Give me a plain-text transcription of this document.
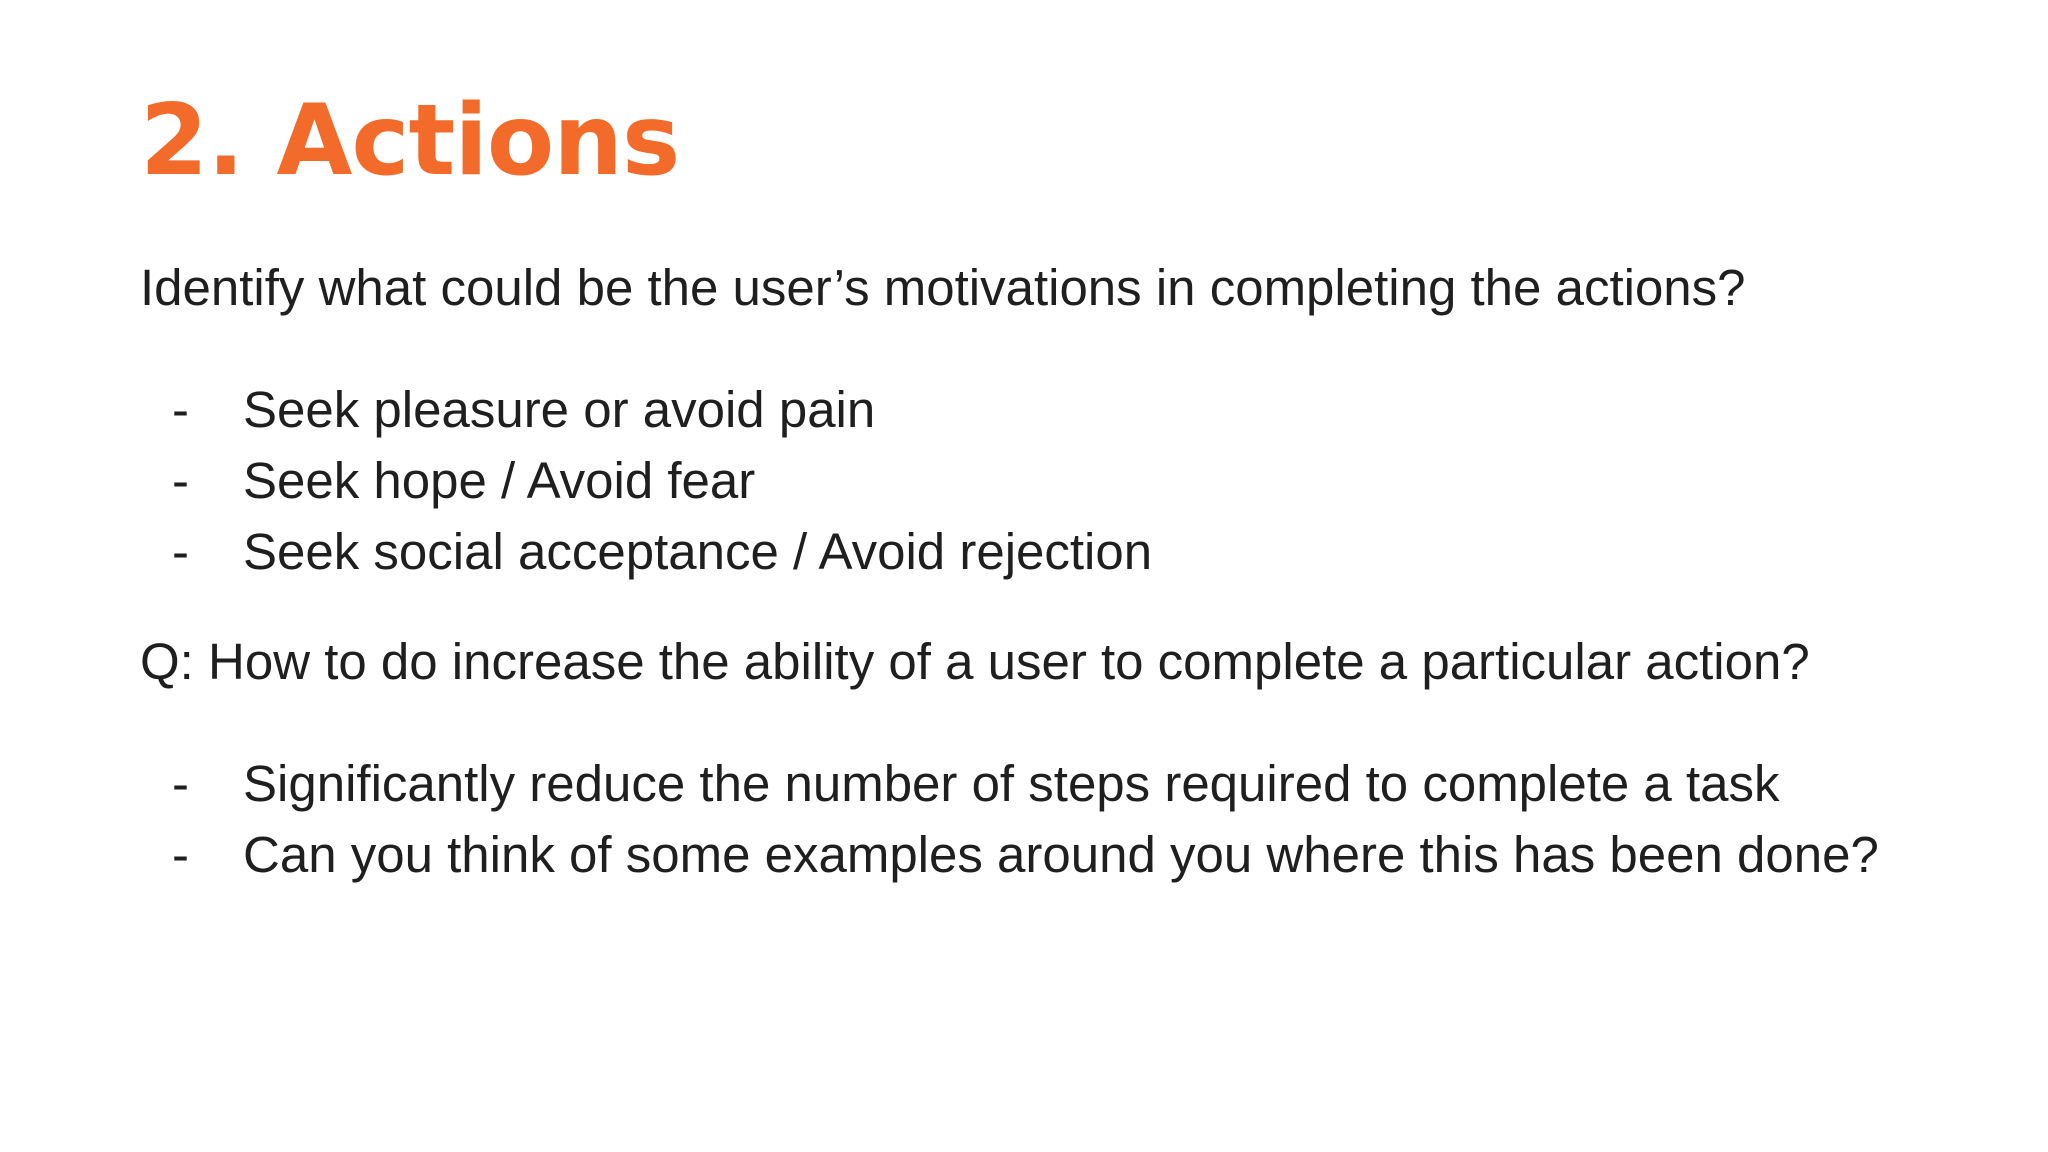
2. Actions

Identify what could be the user’s motivations in completing the actions?

- Seek pleasure or avoid pain
- Seek hope / Avoid fear
- Seek social acceptance / Avoid rejection

Q: How to do increase the ability of a user to complete a particular action?

- Significantly reduce the number of steps required to complete a task
- Can you think of some examples around you where this has been done?
